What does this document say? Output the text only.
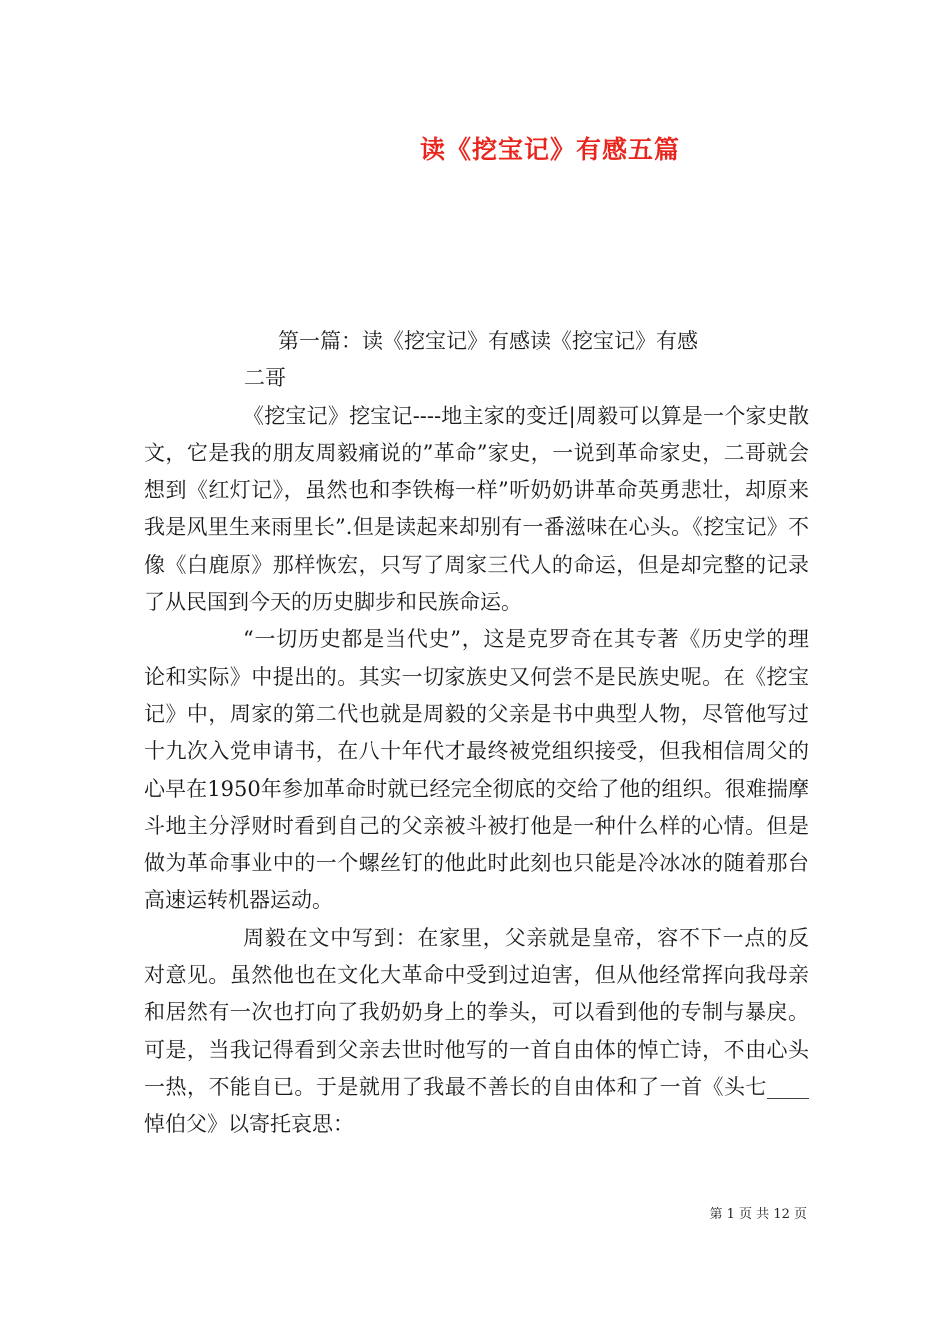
读《挖宝记》有感五篇

第一篇：读《挖宝记》有感读《挖宝记》有感

二哥

《挖宝记》挖宝记----地主家的变迁|周毅可以算是一个家史散文，它是我的朋友周毅痛说的”革命”家史，一说到革命家史，二哥就会想到《红灯记》，虽然也和李铁梅一样”听奶奶讲革命英勇悲壮，却原来我是风里生来雨里长”.但是读起来却别有一番滋味在心头。《挖宝记》不像《白鹿原》那样恢宏，只写了周家三代人的命运，但是却完整的记录了从民国到今天的历史脚步和民族命运。

“一切历史都是当代史”，这是克罗奇在其专著《历史学的理论和实际》中提出的。其实一切家族史又何尝不是民族史呢。在《挖宝记》中，周家的第二代也就是周毅的父亲是书中典型人物，尽管他写过十九次入党申请书，在八十年代才最终被党组织接受，但我相信周父的心早在1950年参加革命时就已经完全彻底的交给了他的组织。很难揣摩斗地主分浮财时看到自己的父亲被斗被打他是一种什么样的心情。但是做为革命事业中的一个螺丝钉的他此时此刻也只能是冷冰冰的随着那台高速运转机器运动。

周毅在文中写到：在家里，父亲就是皇帝，容不下一点的反对意见。虽然他也在文化大革命中受到过迫害，但从他经常挥向我母亲和居然有一次也打向了我奶奶身上的拳头，可以看到他的专制与暴戾。可是，当我记得看到父亲去世时他写的一首自由体的悼亡诗，不由心头一热，不能自已。于是就用了我最不善长的自由体和了一首《头七____悼伯父》以寄托哀思：

第 1 页 共 12 页
